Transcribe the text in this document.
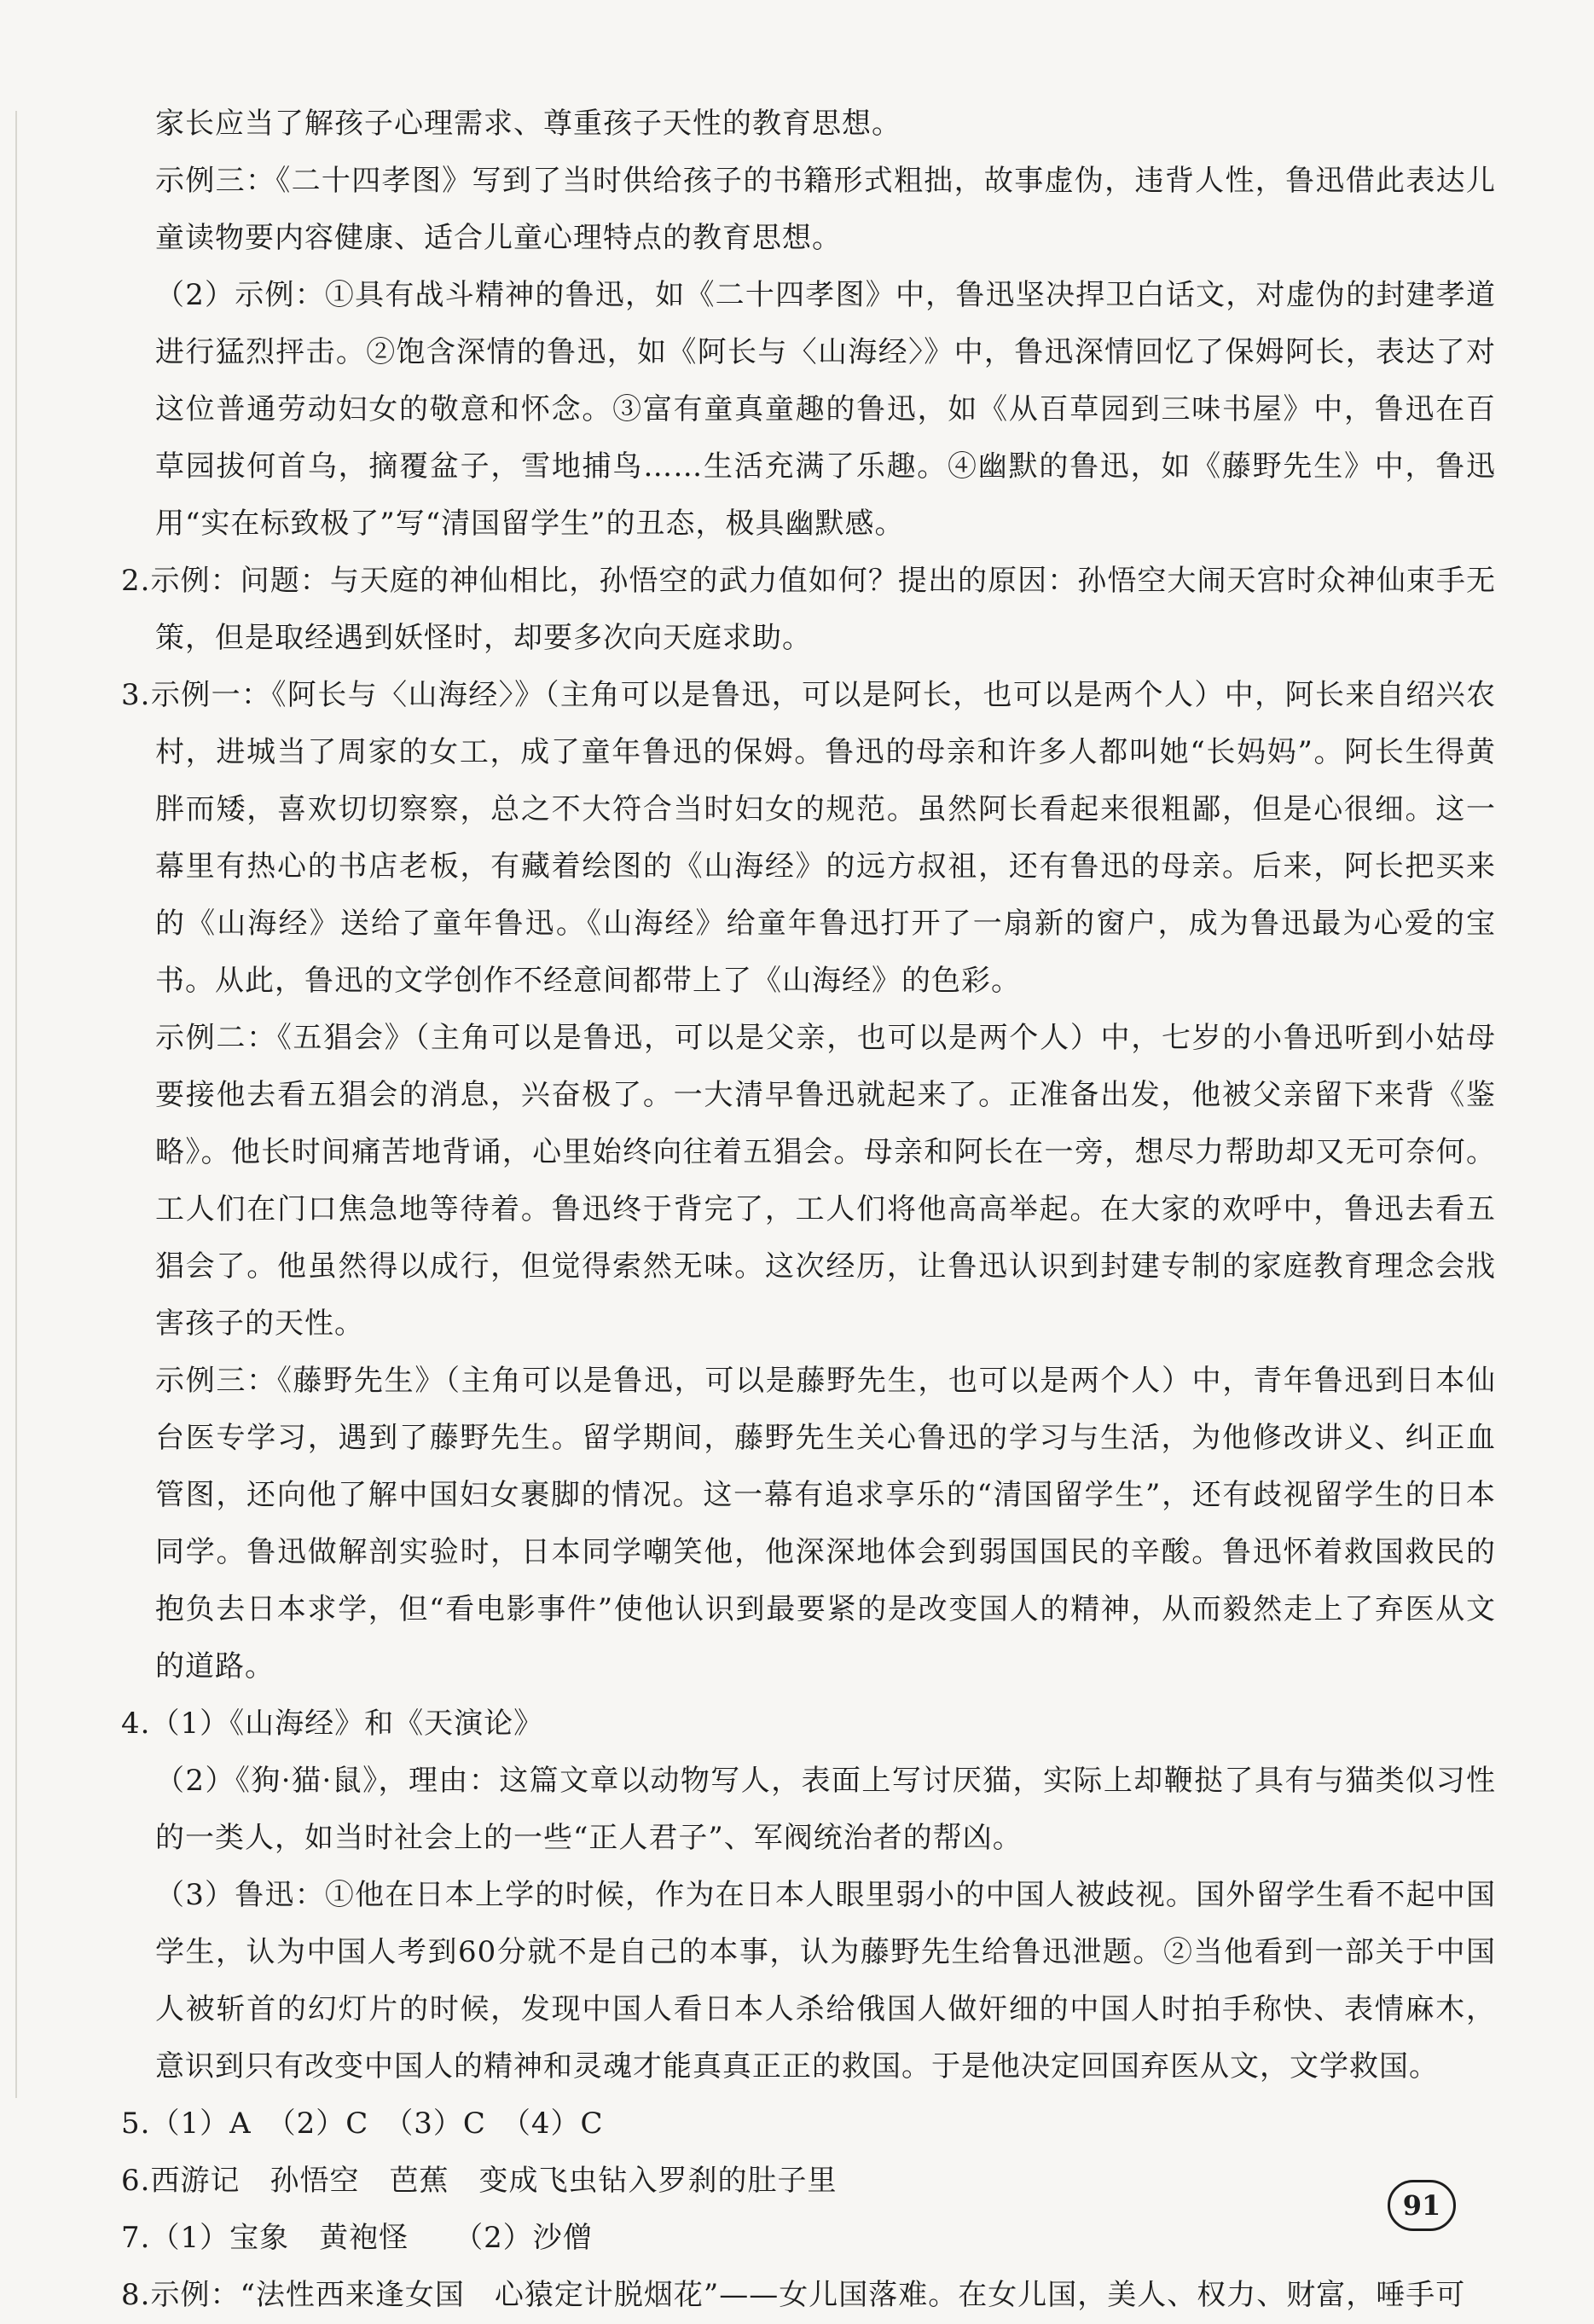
家长应当了解孩子心理需求、尊重孩子天性的教育思想。

示例三：《二十四孝图》写到了当时供给孩子的书籍形式粗拙，故事虚伪，违背人性，鲁迅借此表达儿童读物要内容健康、适合儿童心理特点的教育思想。

（2）示例：①具有战斗精神的鲁迅，如《二十四孝图》中，鲁迅坚决捍卫白话文，对虚伪的封建孝道进行猛烈抨击。②饱含深情的鲁迅，如《阿长与〈山海经〉》中，鲁迅深情回忆了保姆阿长，表达了对这位普通劳动妇女的敬意和怀念。③富有童真童趣的鲁迅，如《从百草园到三味书屋》中，鲁迅在百草园拔何首乌，摘覆盆子，雪地捕鸟……生活充满了乐趣。④幽默的鲁迅，如《藤野先生》中，鲁迅用“实在标致极了”写“清国留学生”的丑态，极具幽默感。

2.示例：问题：与天庭的神仙相比，孙悟空的武力值如何？提出的原因：孙悟空大闹天宫时众神仙束手无策，但是取经遇到妖怪时，却要多次向天庭求助。

3.示例一：《阿长与〈山海经〉》（主角可以是鲁迅，可以是阿长，也可以是两个人）中，阿长来自绍兴农村，进城当了周家的女工，成了童年鲁迅的保姆。鲁迅的母亲和许多人都叫她“长妈妈”。阿长生得黄胖而矮，喜欢切切察察，总之不大符合当时妇女的规范。虽然阿长看起来很粗鄙，但是心很细。这一幕里有热心的书店老板，有藏着绘图的《山海经》的远方叔祖，还有鲁迅的母亲。后来，阿长把买来的《山海经》送给了童年鲁迅。《山海经》给童年鲁迅打开了一扇新的窗户，成为鲁迅最为心爱的宝书。从此，鲁迅的文学创作不经意间都带上了《山海经》的色彩。

示例二：《五猖会》（主角可以是鲁迅，可以是父亲，也可以是两个人）中，七岁的小鲁迅听到小姑母要接他去看五猖会的消息，兴奋极了。一大清早鲁迅就起来了。正准备出发，他被父亲留下来背《鉴略》。他长时间痛苦地背诵，心里始终向往着五猖会。母亲和阿长在一旁，想尽力帮助却又无可奈何。工人们在门口焦急地等待着。鲁迅终于背完了，工人们将他高高举起。在大家的欢呼中，鲁迅去看五猖会了。他虽然得以成行，但觉得索然无味。这次经历，让鲁迅认识到封建专制的家庭教育理念会戕害孩子的天性。

示例三：《藤野先生》（主角可以是鲁迅，可以是藤野先生，也可以是两个人）中，青年鲁迅到日本仙台医专学习，遇到了藤野先生。留学期间，藤野先生关心鲁迅的学习与生活，为他修改讲义、纠正血管图，还向他了解中国妇女裹脚的情况。这一幕有追求享乐的“清国留学生”，还有歧视留学生的日本同学。鲁迅做解剖实验时，日本同学嘲笑他，他深深地体会到弱国国民的辛酸。鲁迅怀着救国救民的抱负去日本求学，但“看电影事件”使他认识到最要紧的是改变国人的精神，从而毅然走上了弃医从文的道路。

4.（1）《山海经》和《天演论》

（2）《狗·猫·鼠》，理由：这篇文章以动物写人，表面上写讨厌猫，实际上却鞭挞了具有与猫类似习性的一类人，如当时社会上的一些“正人君子”、军阀统治者的帮凶。

（3）鲁迅：①他在日本上学的时候，作为在日本人眼里弱小的中国人被歧视。国外留学生看不起中国学生，认为中国人考到60分就不是自己的本事，认为藤野先生给鲁迅泄题。②当他看到一部关于中国人被斩首的幻灯片的时候，发现中国人看日本人杀给俄国人做奸细的中国人时拍手称快、表情麻木，意识到只有改变中国人的精神和灵魂才能真真正正的救国。于是他决定回国弃医从文，文学救国。

5.（1）A　（2）C　（3）C　（4）C

6.西游记　孙悟空　芭蕉　变成飞虫钻入罗刹的肚子里

7.（1）宝象　黄袍怪　　（2）沙僧

8.示例：“法性西来逢女国　心猿定计脱烟花”——女儿国落难。在女儿国，美人、权力、财富，唾手可

91
